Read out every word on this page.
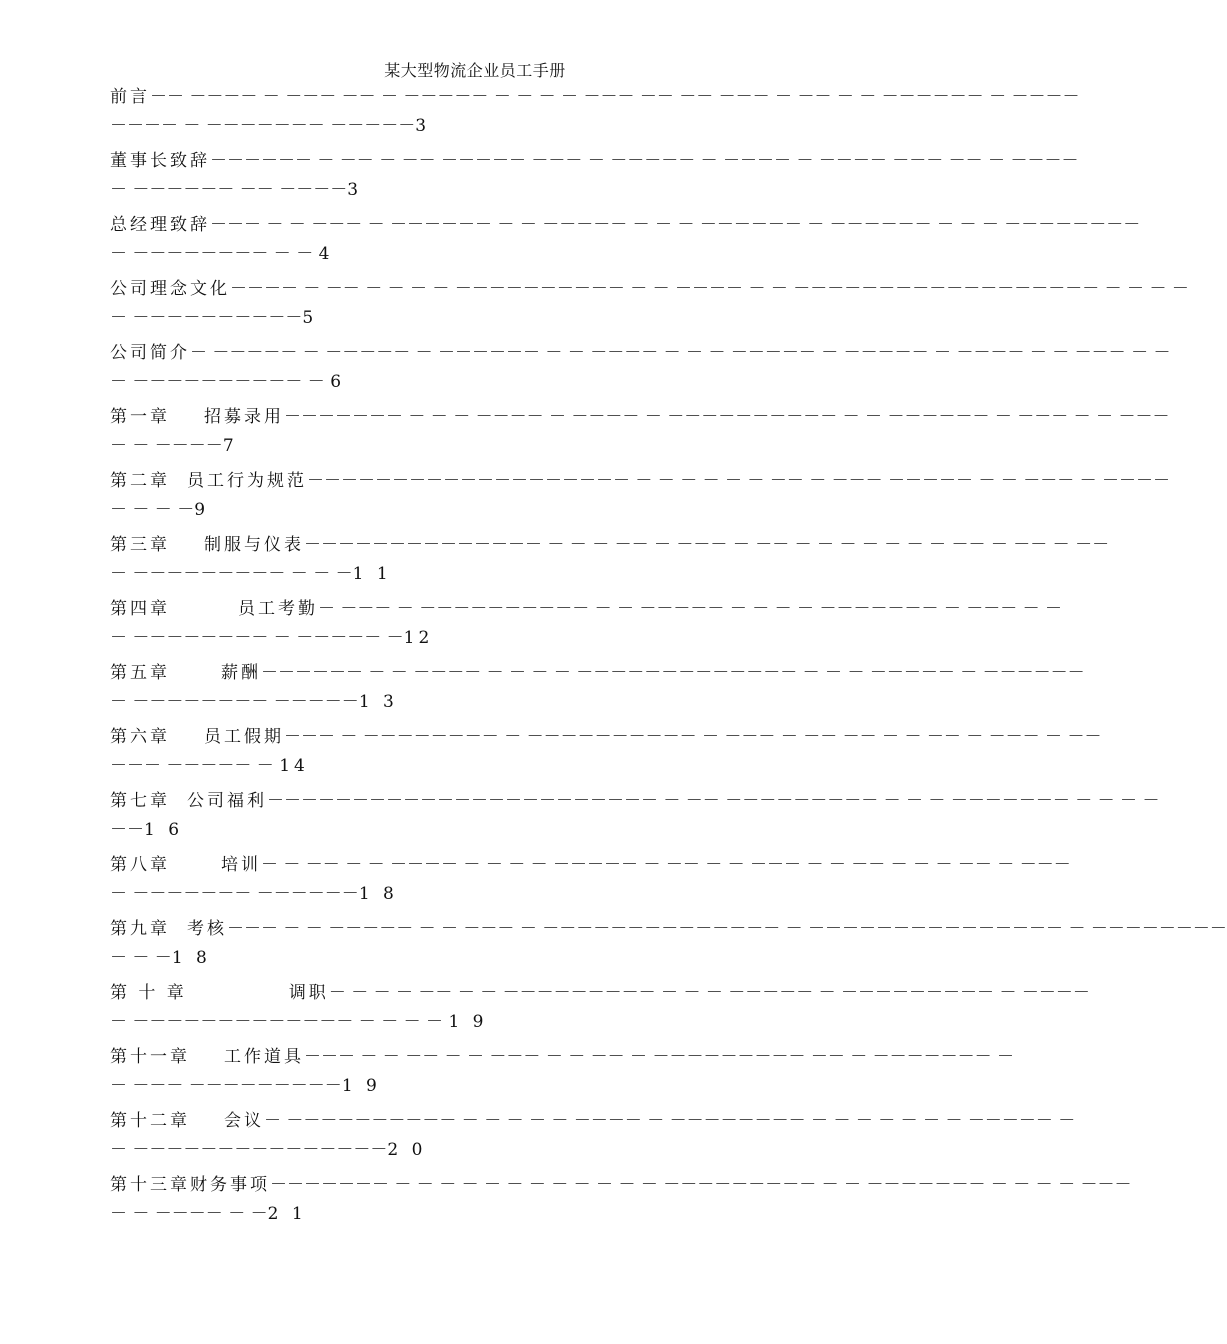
某大型物流企业员工手册
前言－－ －－－－ － －－－ －－ － －－－－－ － － － － －－－ －－ －－ －－－ － －－ － － －－－－－－ － －－－－
－－－－ － －－－－－－－ －－－－－3
董事长致辞－－－－－－ － －－ － －－ －－－－－ －－－ － －－－－－ － －－－－ － －－－－ －－－ －－ － －－－－
－ －－－－－－ －－ －－－－3
总经理致辞－－－ － － －－－ － －－－－－－ － － －－－－－ － － － －－－－－－ － －－－－－－ － － － －－－－－－－－
－ －－－－－－－－ － － 4
公司理念文化－－－－ － －－ － － － － －－－－－－－－－－ － － －－－－ － － －－－－－－－－－－－－－－－－－－ － － － －
－ －－－－－－－－－－5
公司简介－ －－－－－ － －－－－－ － －－－－－－ － － －－－－ － － － －－－－－ － －－－－－ － －－－－ － － －－－ － －
－ －－－－－－－－－－ － 6
第一章　　 招募录用－－－－－－－ － － － －－－－ － －－－－ － －－－－－－－－－－ － － －－－－－－ － －－－ － － －－－
－ － －－－－7
第二章　 员工行为规范－－－－－－－－－－－－－－－－－－－ － － － － － － －－ － －－－ －－－－－ － － －－－ － －－－－
－ － － －9
第三章　　 制服与仪表－－－－－－－－－－－－－－ － － － －－ － －－－ － －－ － － － － － － － －－ － －－ － －－
－ －－－－－－－－－ － － －1 1
第四章　　　　	员工考勤－ －－－ － －－－－－－－－－－ － － －－－－－ － － － － －－－－－－－ － －－－ － －
－ －－－－－－－－ － －－－－－ －12
第五章　　　	薪酬－－－－－－ － － －－－－ － － － － －－－－－－－－－－－－－ － － － －－－－－ － －－－－－－
－ －－－－－－－－ －－－－－1 3
第六章　　 员工假期－－－ － －－－－－－－－ － －－－－－－－－－－ － －－－ － －－ －－ － － －－ － －－－ － －－
－－－ －－－－－ － 14
第七章　 公司福利－－－－－－－－－－－－－－－－－－－－－－－ － －－ －－－－－－－－－ － － － －－－－－－－ － － － －
－－1 6
第八章　　　	培训－ － －－ － － －－－－ － － － － －－－－－ － －－ － － －－－ － － －－ － － － －－ － －－－
－ －－－－－－－ －－－－－－1 8
第九章　 考核－－－ － － －－－－－ － － －－－ － －－－－－－－－－－－－－－ － －－－－－－－－－－－－－－－ － －－－－－－－－
－ － －1 8
第 十 章　　　　　　	调职－ － － － －－ － － －－－－－－－－－ － － － －－－－－ － －－－－－－－－－ － －－－－
－ －－－－－－－－－－－－－ － － － － 1 9
第十一章　　 工作道具－－－ － － －－ － － －－－ － － －－ － －－－－－－－－－ －－ － －－－－－－－ －
－ －－－ －－－－－－－－－1 9
第十二章　　 会议－ －－－－－－－－－－ － － － － － －－－－ － －－－－－－－－ － － － － － － － －－－－－ －
－ －－－－－－－－－－－－－－－2 0
第十三章财务事项－－－－－－－ － － － － － － － － － － － － －－－－－－－－－ － － －－－－－－－ － － － － －－－
－ － －－－－ － －2 1
